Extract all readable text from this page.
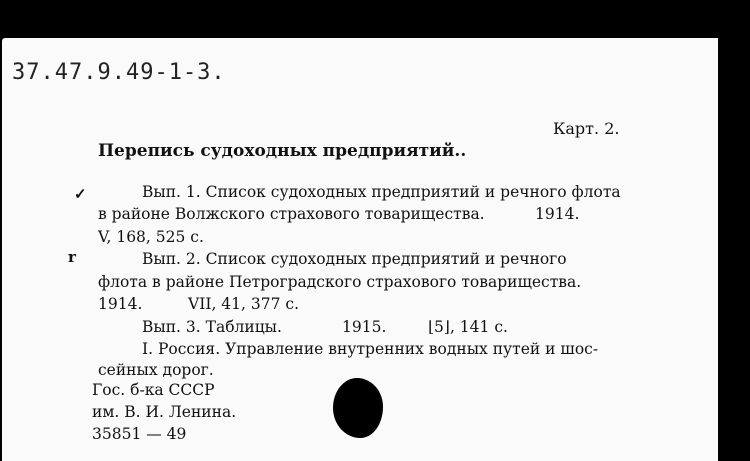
37.47.9.49-1-3.
Карт. 2.
Перепись судоходных предприятий..
✓	Вып. 1. Список судоходных предприятий и речного флота
в районе Волжского страхового товарищества.	1914.
V, 168, 525 с.
r	Вып. 2. Список судоходных предприятий и речного
флота в районе Петроградского страхового товарищества.
1914.	VII, 41, 377 с.
Вып. 3. Таблицы.	1915.	⌊5⌋, 141 с.
I. Россия. Управление внутренних водных путей и шос-
сейных дорог.
Гос. б-ка СССР
им. В. И. Ленина.
35851 — 49
